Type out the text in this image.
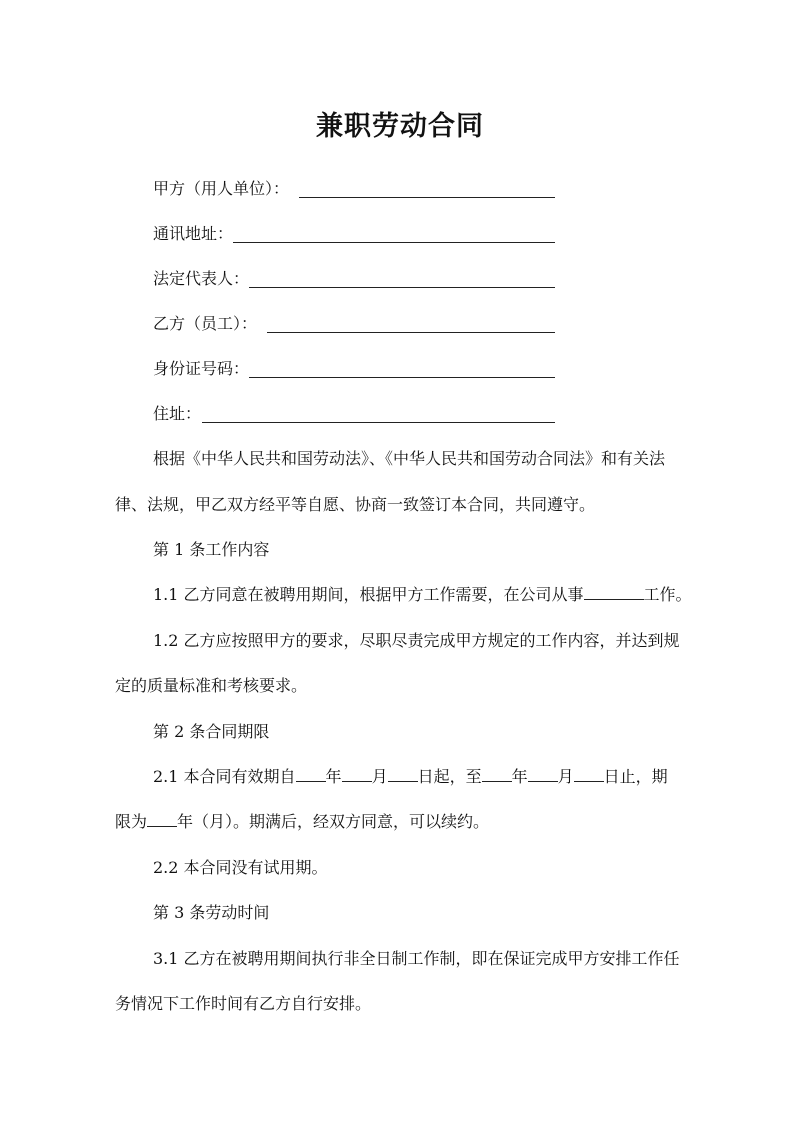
兼职劳动合同
甲方（用人单位）：
通讯地址：
法定代表人：
乙方（员工）：
身份证号码：
住址：
根据《中华人民共和国劳动法》、《中华人民共和国劳动合同法》和有关法
律、法规，甲乙双方经平等自愿、协商一致签订本合同，共同遵守。
第 1 条工作内容
1.1 乙方同意在被聘用期间，根据甲方工作需要，在公司从事	工作。
1.2 乙方应按照甲方的要求，尽职尽责完成甲方规定的工作内容，并达到规
定的质量标准和考核要求。
第 2 条合同期限
2.1 本合同有效期自 年 月 日起，至 年 月 日止，期
限为 年（月）。期满后，经双方同意，可以续约。
2.2 本合同没有试用期。
第 3 条劳动时间
3.1 乙方在被聘用期间执行非全日制工作制，即在保证完成甲方安排工作任
务情况下工作时间有乙方自行安排。
